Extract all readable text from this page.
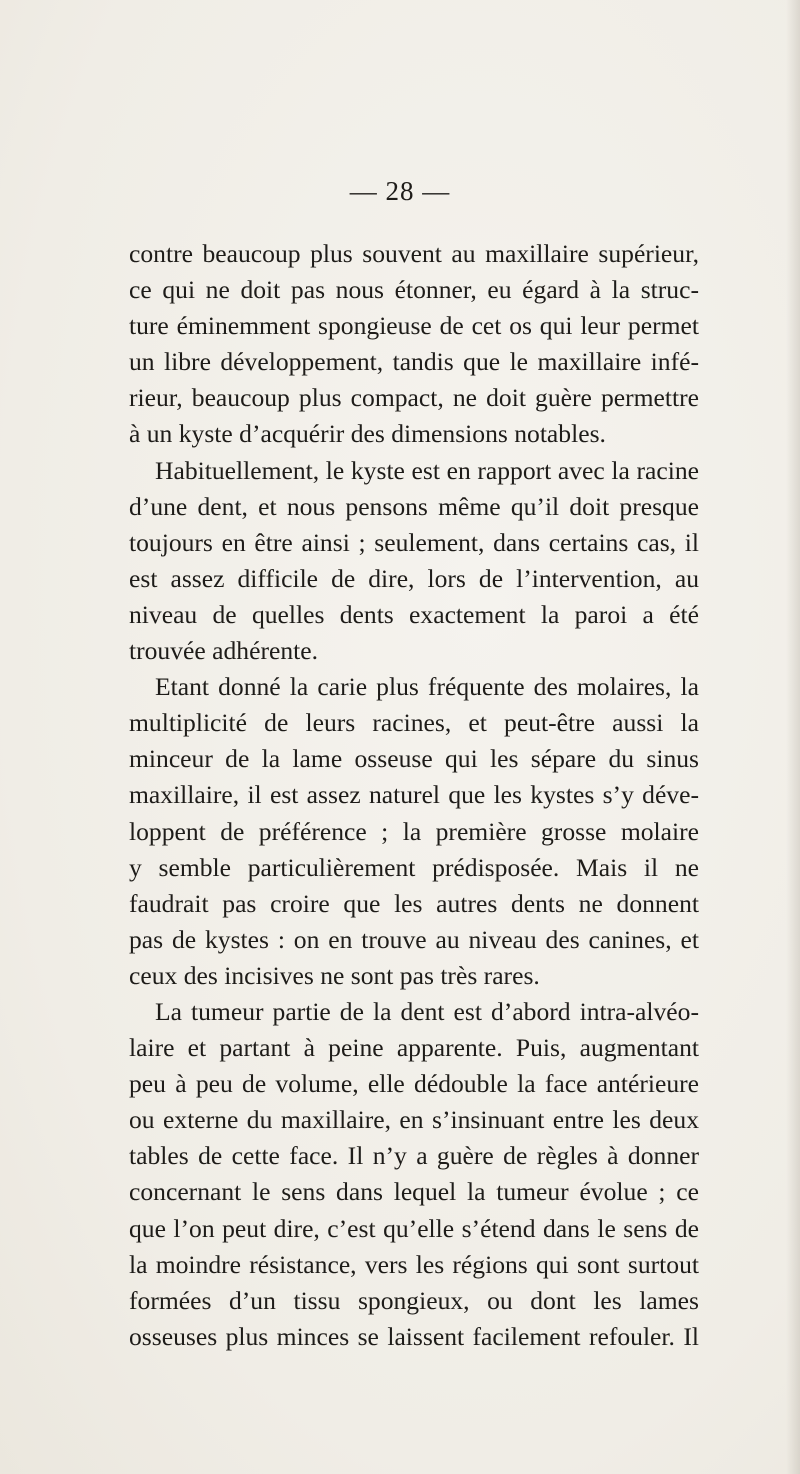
— 28 —
contre beaucoup plus souvent au maxillaire supérieur,
ce qui ne doit pas nous étonner, eu égard à la struc-
ture éminemment spongieuse de cet os qui leur permet
un libre développement, tandis que le maxillaire infé-
rieur, beaucoup plus compact, ne doit guère permettre
à un kyste d’acquérir des dimensions notables.
Habituellement, le kyste est en rapport avec la racine
d’une dent, et nous pensons même qu’il doit presque
toujours en être ainsi ; seulement, dans certains cas, il
est assez difficile de dire, lors de l’intervention, au
niveau de quelles dents exactement la paroi a été
trouvée adhérente.
Etant donné la carie plus fréquente des molaires, la
multiplicité de leurs racines, et peut-être aussi la
minceur de la lame osseuse qui les sépare du sinus
maxillaire, il est assez naturel que les kystes s’y déve-
loppent de préférence ; la première grosse molaire
y semble particulièrement prédisposée. Mais il ne
faudrait pas croire que les autres dents ne donnent
pas de kystes : on en trouve au niveau des canines, et
ceux des incisives ne sont pas très rares.
La tumeur partie de la dent est d’abord intra-alvéo-
laire et partant à peine apparente. Puis, augmentant
peu à peu de volume, elle dédouble la face antérieure
ou externe du maxillaire, en s’insinuant entre les deux
tables de cette face. Il n’y a guère de règles à donner
concernant le sens dans lequel la tumeur évolue ; ce
que l’on peut dire, c’est qu’elle s’étend dans le sens de
la moindre résistance, vers les régions qui sont surtout
formées d’un tissu spongieux, ou dont les lames
osseuses plus minces se laissent facilement refouler. Il
